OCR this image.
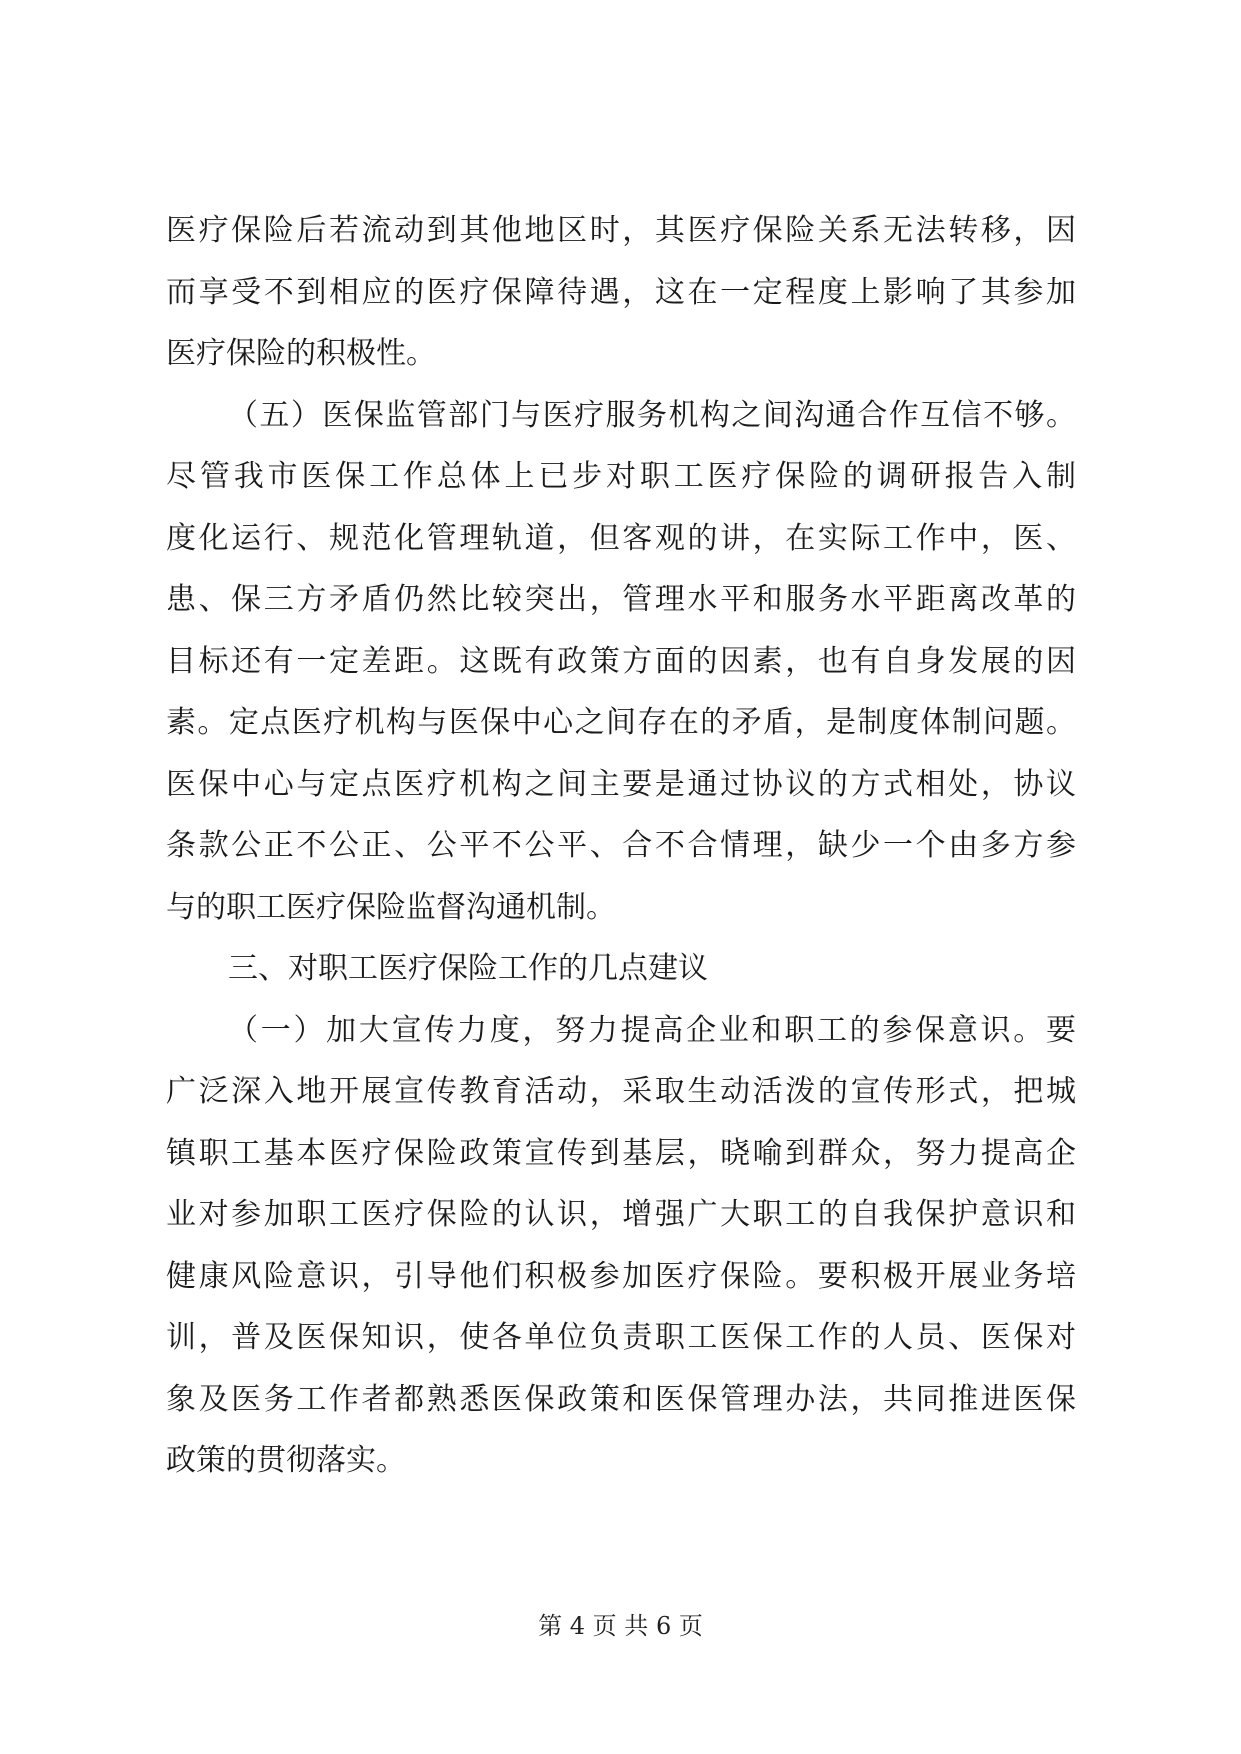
医疗保险后若流动到其他地区时，其医疗保险关系无法转移，因
而享受不到相应的医疗保障待遇，这在一定程度上影响了其参加
医疗保险的积极性。
（五）医保监管部门与医疗服务机构之间沟通合作互信不够。
尽管我市医保工作总体上已步对职工医疗保险的调研报告入制
度化运行、规范化管理轨道，但客观的讲，在实际工作中，医、
患、保三方矛盾仍然比较突出，管理水平和服务水平距离改革的
目标还有一定差距。这既有政策方面的因素，也有自身发展的因
素。定点医疗机构与医保中心之间存在的矛盾，是制度体制问题。
医保中心与定点医疗机构之间主要是通过协议的方式相处，协议
条款公正不公正、公平不公平、合不合情理，缺少一个由多方参
与的职工医疗保险监督沟通机制。
三、对职工医疗保险工作的几点建议
（一）加大宣传力度，努力提高企业和职工的参保意识。要
广泛深入地开展宣传教育活动，采取生动活泼的宣传形式，把城
镇职工基本医疗保险政策宣传到基层，晓喻到群众，努力提高企
业对参加职工医疗保险的认识，增强广大职工的自我保护意识和
健康风险意识，引导他们积极参加医疗保险。要积极开展业务培
训，普及医保知识，使各单位负责职工医保工作的人员、医保对
象及医务工作者都熟悉医保政策和医保管理办法，共同推进医保
政策的贯彻落实。
第 4 页 共 6 页
